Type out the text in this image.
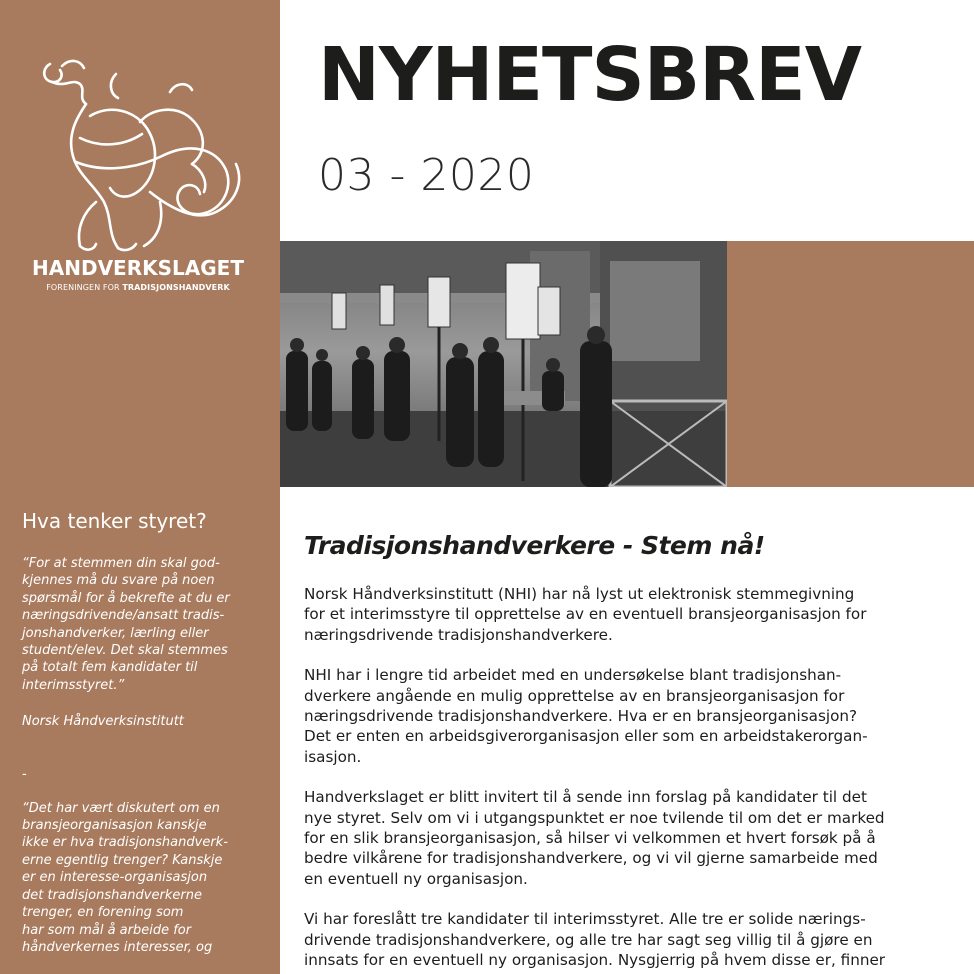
HANDVERKSLAGET
FORENINGEN FOR TRADISJONSHANDVERK
Hva tenker styret?

“For at stemmen din skal god-

kjennes må du svare på noen

spørsmål for å bekrefte at du er

næringsdrivende/ansatt tradis-

jonshandverker, lærling eller

student/elev. Det skal stemmes

på totalt fem kandidater til

interimsstyret.”

Norsk Håndverksinstitutt

-

“Det har vært diskutert om en

bransjeorganisasjon kanskje

ikke er hva tradisjonshandverk-

erne egentlig trenger? Kanskje

er en interesse-organisasjon

det tradisjonshandverkerne

trenger, en forening som

har som mål å arbeide for

håndverkernes interesser, og

NYHETSBREV
03 - 2020
Tradisjonshandverkere - Stem nå!

Norsk Håndverksinstitutt (NHI) har nå lyst ut elektronisk stemmegivning

for et interimsstyre til opprettelse av en eventuell bransjeorganisasjon for

næringsdrivende tradisjonshandverkere.

NHI har i lengre tid arbeidet med en undersøkelse blant tradisjonshan-

dverkere angående en mulig opprettelse av en bransjeorganisasjon for

næringsdrivende tradisjonshandverkere. Hva er en bransjeorganisasjon?

Det er enten en arbeidsgiverorganisasjon eller som en arbeidstakerorgan-

isasjon.

Handverkslaget er blitt invitert til å sende inn forslag på kandidater til det

nye styret. Selv om vi i utgangspunktet er noe tvilende til om det er marked

for en slik bransjeorganisasjon, så hilser vi velkommen et hvert forsøk på å

bedre vilkårene for tradisjonshandverkere, og vi vil gjerne samarbeide med

en eventuell ny organisasjon.

Vi har foreslått tre kandidater til interimsstyret. Alle tre er solide nærings-

drivende tradisjonshandverkere, og alle tre har sagt seg villig til å gjøre en

innsats for en eventuell ny organisasjon. Nysgjerrig på hvem disse er, finner
